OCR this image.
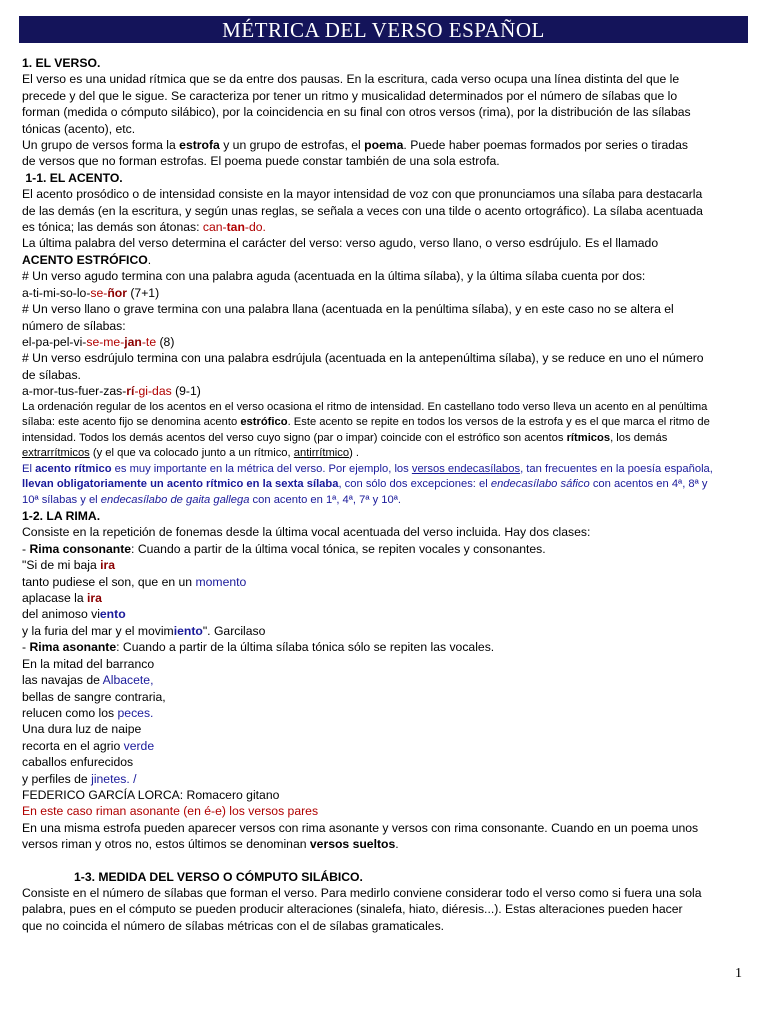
MÉTRICA DEL VERSO ESPAÑOL
1. EL VERSO.
El verso es una unidad rítmica que se da entre dos pausas. En la escritura, cada verso ocupa una línea distinta del que le
precede y del que le sigue. Se caracteriza por tener un ritmo y musicalidad determinados por el número de sílabas que lo
forman (medida o cómputo silábico), por la coincidencia en su final con otros versos (rima), por la distribución de las sílabas
tónicas (acento), etc.
Un grupo de versos forma la estrofa y un grupo de estrofas, el poema. Puede haber poemas formados por series o tiradas
de versos que no forman estrofas. El poema puede constar también de una sola estrofa.
1-1. EL ACENTO.
El acento prosódico o de intensidad consiste en la mayor intensidad de voz con que pronunciamos una sílaba para destacarla
de las demás (en la escritura, y según unas reglas, se señala a veces con una tilde o acento ortográfico). La sílaba acentuada
es tónica; las demás son átonas: can-tan-do.
La última palabra del verso determina el carácter del verso: verso agudo, verso llano, o verso esdrújulo. Es el llamado
ACENTO ESTRÓFICO.
# Un verso agudo termina con una palabra aguda (acentuada en la última sílaba), y la última sílaba cuenta por dos:
a-ti-mi-so-lo-se-ñor (7+1)
# Un verso llano o grave termina con una palabra llana (acentuada en la penúltima sílaba), y en este caso no se altera el
número de sílabas:
el-pa-pel-vi-se-me-jan-te (8)
# Un verso esdrújulo termina con una palabra esdrújula (acentuada en la antepenúltima sílaba), y se reduce en uno el número
de sílabas.
a-mor-tus-fuer-zas-rí-gi-das (9-1)
La ordenación regular de los acentos en el verso ocasiona el ritmo de intensidad. En castellano todo verso lleva un acento en al penúltima
sílaba: este acento fijo se denomina acento estrófico. Este acento se repite en todos los versos de la estrofa y es el que marca el ritmo de
intensidad. Todos los demás acentos del verso cuyo signo (par o impar) coincide con el estrófico son acentos rítmicos, los demás
extrarrítmicos (y el que va colocado junto a un rítmico, antirrítmico) .
El acento rítmico es muy importante en la métrica del verso. Por ejemplo, los versos endecasílabos, tan frecuentes en la poesía española,
llevan obligatoriamente un acento rítmico en la sexta sílaba, con sólo dos excepciones: el endecasílabo sáfico con acentos en 4ª, 8ª y
10ª sílabas y el endecasílabo de gaita gallega con acento en 1ª, 4ª, 7ª y 10ª.
1-2. LA RIMA.
Consiste en la repetición de fonemas desde la última vocal acentuada del verso incluida. Hay dos clases:
- Rima consonante: Cuando a partir de la última vocal tónica, se repiten vocales y consonantes.
"Si de mi baja ira
tanto pudiese el son, que en un momento
aplacase la ira
del animoso viento
y la furia del mar y el movimiento". Garcilaso
- Rima asonante: Cuando a partir de la última sílaba tónica sólo se repiten las vocales.
En la mitad del barranco
las navajas de Albacete,
bellas de sangre contraria,
relucen como los peces.
Una dura luz de naipe
recorta en el agrio verde
caballos enfurecidos
y perfiles de jinetes. /
FEDERICO GARCÍA LORCA: Romacero gitano
En este caso riman asonante (en é-e) los versos pares
En una misma estrofa pueden aparecer versos con rima asonante y versos con rima consonante. Cuando en un poema unos
versos riman y otros no, estos últimos se denominan versos sueltos.
1-3. MEDIDA DEL VERSO O CÓMPUTO SILÁBICO.
Consiste en el número de sílabas que forman el verso. Para medirlo conviene considerar todo el verso como si fuera una sola
palabra, pues en el cómputo se pueden producir alteraciones (sinalefa, hiato, diéresis...). Estas alteraciones pueden hacer
que no coincida el número de sílabas métricas con el de sílabas gramaticales.
1
